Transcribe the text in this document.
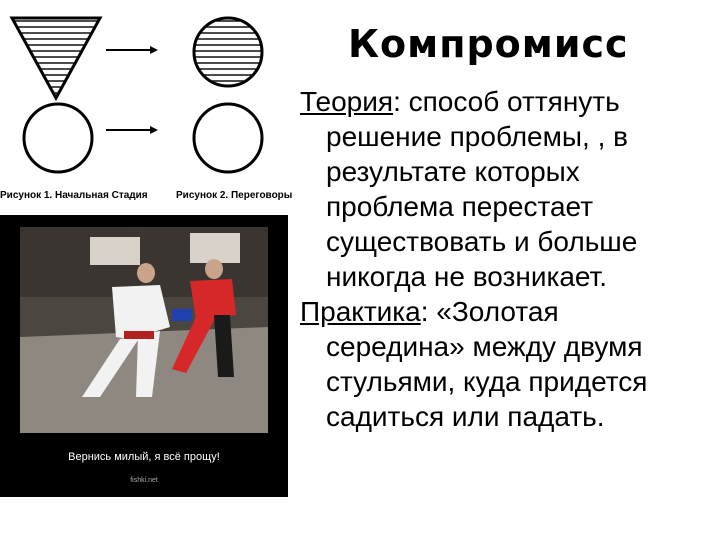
Рисунок 1. Начальная Стадия	Рисунок 2. Переговоры
Вернись милый, я всё прощу!
fishki.net
Компромисс
Теория: способ оттянуть
решение проблемы, , в
результате которых
проблема перестает
существовать и больше
никогда не возникает.
Практика: «Золотая
середина» между двумя
стульями, куда придется
садиться или падать.
